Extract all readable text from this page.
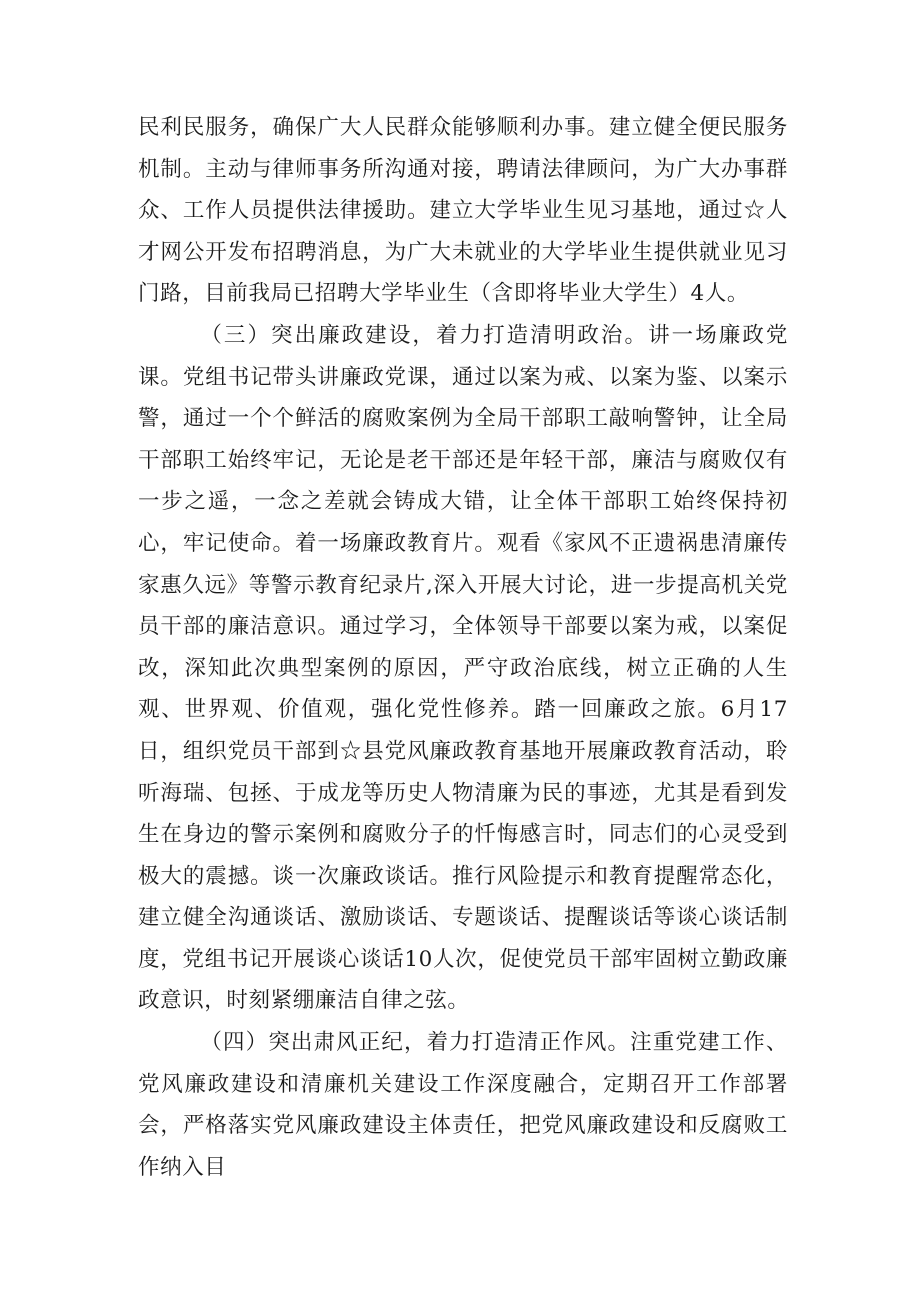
民利民服务，确保广大人民群众能够顺利办事。建立健全便民服务机制。主动与律师事务所沟通对接，聘请法律顾问，为广大办事群众、工作人员提供法律援助。建立大学毕业生见习基地，通过☆人才网公开发布招聘消息，为广大未就业的大学毕业生提供就业见习门路，目前我局已招聘大学毕业生（含即将毕业大学生）4人。

（三）突出廉政建设，着力打造清明政治。讲一场廉政党课。党组书记带头讲廉政党课，通过以案为戒、以案为鉴、以案示警，通过一个个鲜活的腐败案例为全局干部职工敲响警钟，让全局干部职工始终牢记，无论是老干部还是年轻干部，廉洁与腐败仅有一步之遥，一念之差就会铸成大错，让全体干部职工始终保持初心，牢记使命。着一场廉政教育片。观看《家风不正遗祸患清廉传家惠久远》等警示教育纪录片,深入开展大讨论，进一步提高机关党员干部的廉洁意识。通过学习，全体领导干部要以案为戒，以案促改，深知此次典型案例的原因，严守政治底线，树立正确的人生观、世界观、价值观，强化党性修养。踏一回廉政之旅。6月17日，组织党员干部到☆县党风廉政教育基地开展廉政教育活动，聆听海瑞、包拯、于成龙等历史人物清廉为民的事迹，尤其是看到发生在身边的警示案例和腐败分子的忏悔感言时，同志们的心灵受到极大的震撼。谈一次廉政谈话。推行风险提示和教育提醒常态化，建立健全沟通谈话、激励谈话、专题谈话、提醒谈话等谈心谈话制度，党组书记开展谈心谈话10人次，促使党员干部牢固树立勤政廉政意识，时刻紧绷廉洁自律之弦。

（四）突出肃风正纪，着力打造清正作风。注重党建工作、党风廉政建设和清廉机关建设工作深度融合，定期召开工作部署会，严格落实党风廉政建设主体责任，把党风廉政建设和反腐败工作纳入目
